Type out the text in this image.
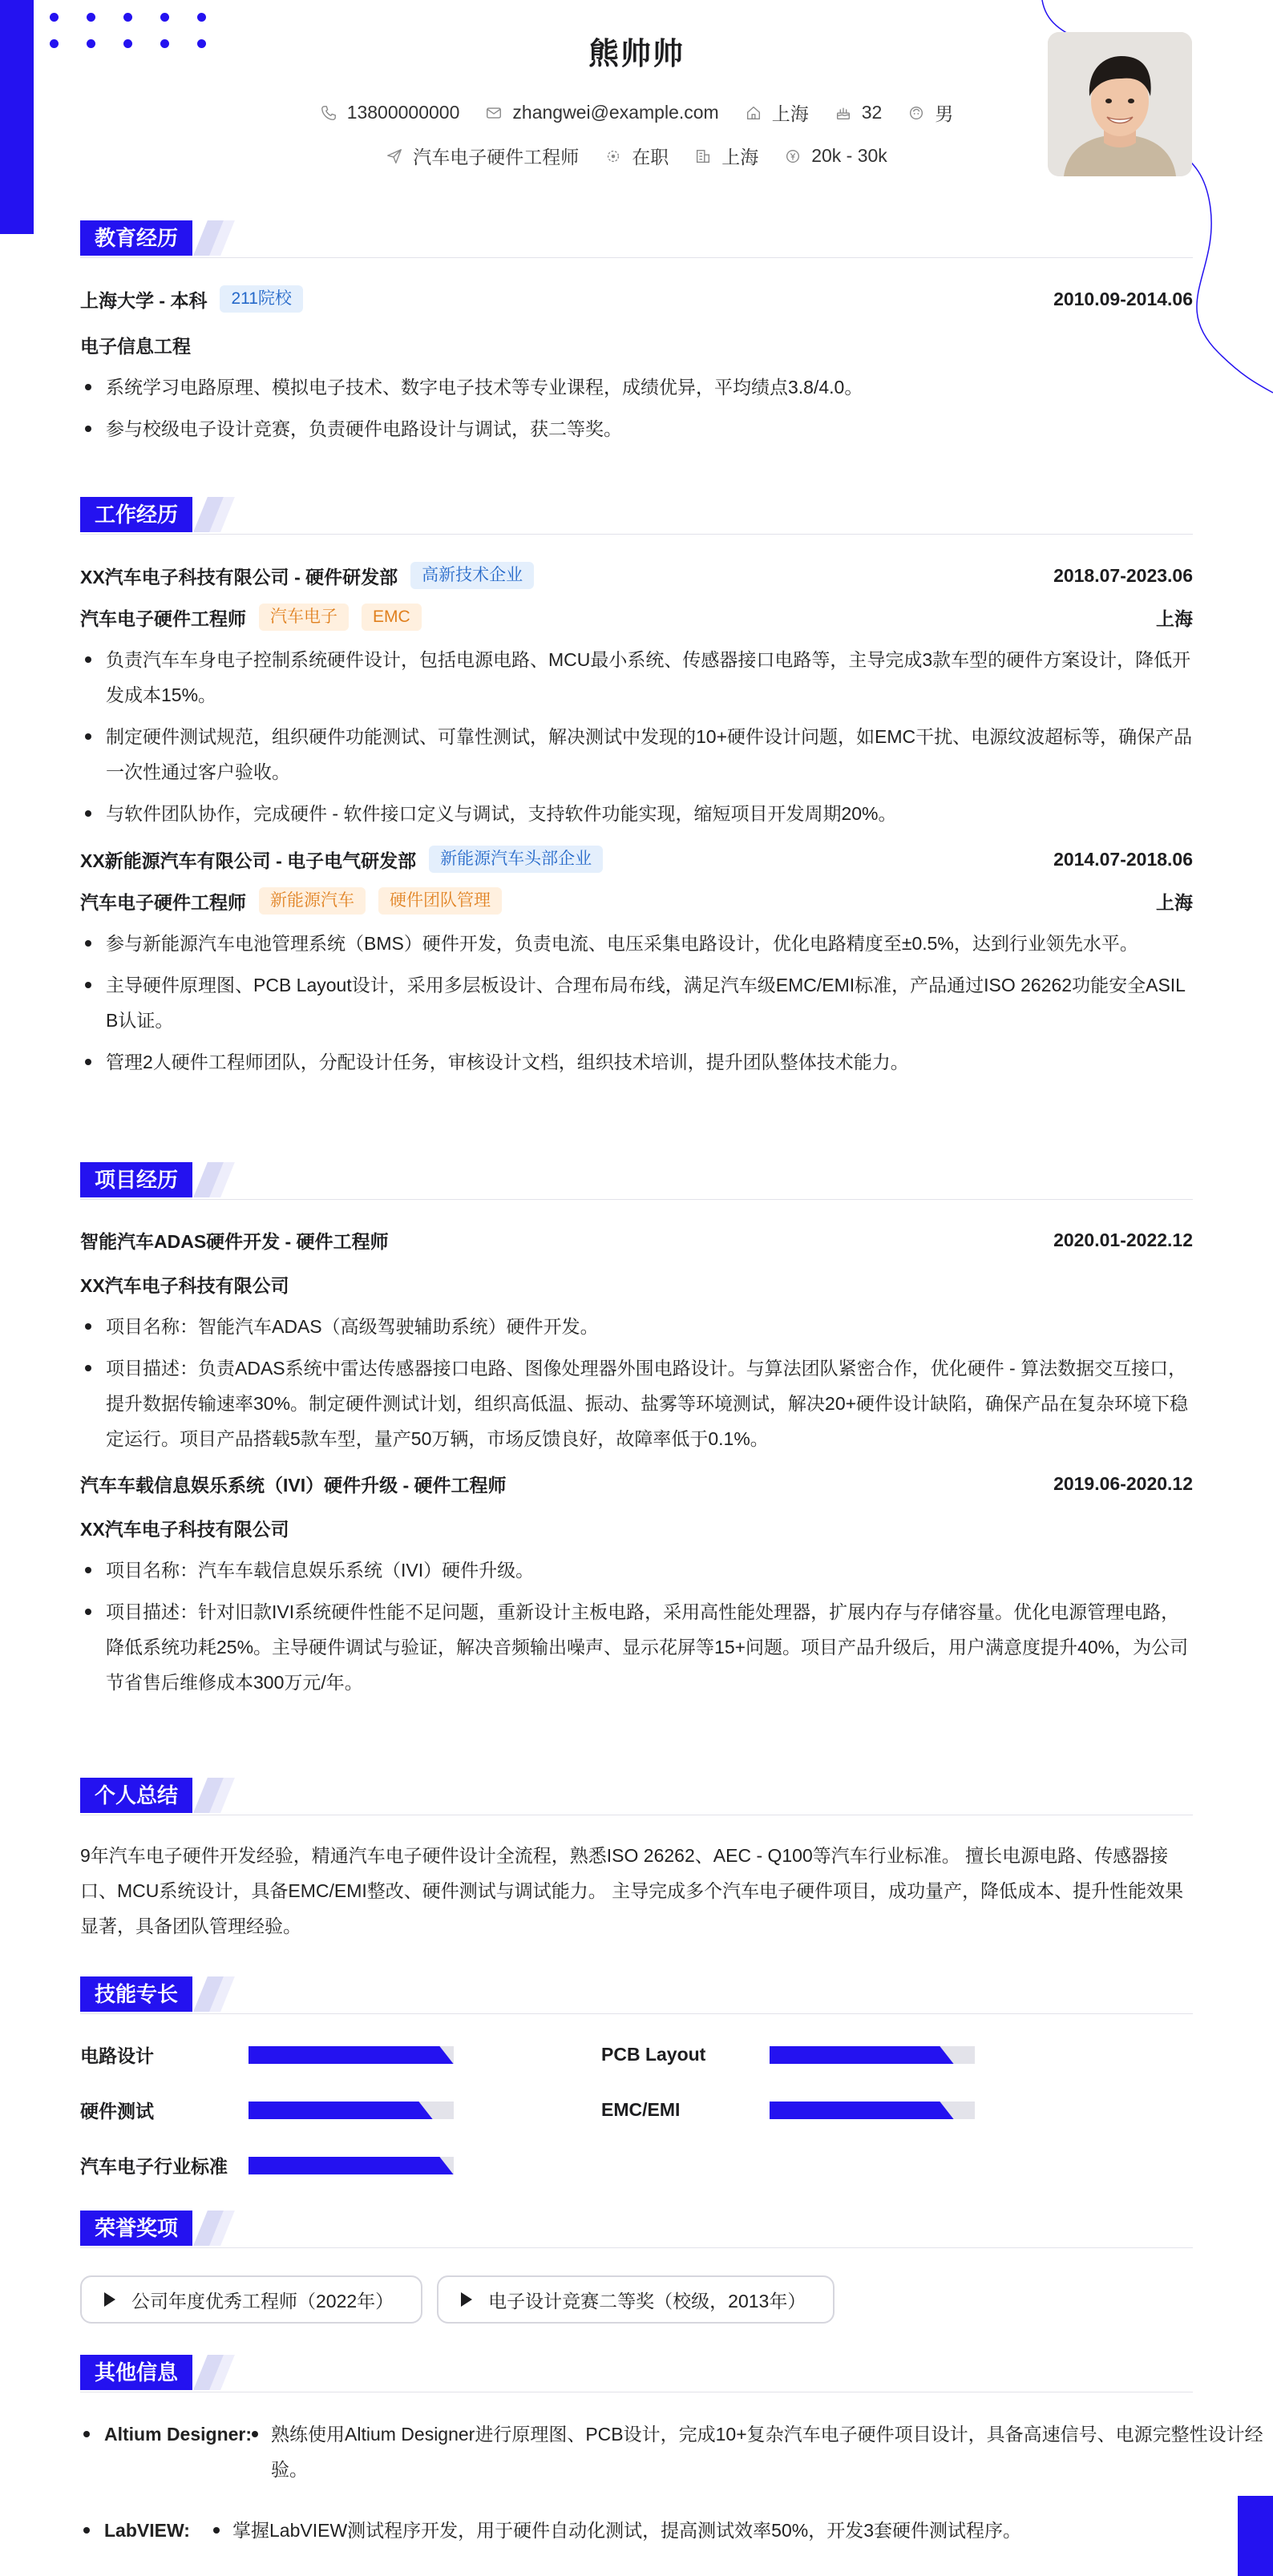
熊帅帅
13800000000	zhangwei@example.com	上海	32	男
汽车电子硬件工程师	在职	上海	20k - 30k
教育经历
上海大学 - 本科	211院校	2010.09-2014.06
电子信息工程
系统学习电路原理、模拟电子技术、数字电子技术等专业课程，成绩优异，平均绩点3.8/4.0。
参与校级电子设计竞赛，负责硬件电路设计与调试，获二等奖。
工作经历
XX汽车电子科技有限公司 - 硬件研发部	高新技术企业	2018.07-2023.06
汽车电子硬件工程师	汽车电子	EMC	上海
负责汽车车身电子控制系统硬件设计，包括电源电路、MCU最小系统、传感器接口电路等，主导完成3款车型的硬件方案设计，降低开发成本15%。
制定硬件测试规范，组织硬件功能测试、可靠性测试，解决测试中发现的10+硬件设计问题，如EMC干扰、电源纹波超标等，确保产品一次性通过客户验收。
与软件团队协作，完成硬件 - 软件接口定义与调试，支持软件功能实现，缩短项目开发周期20%。
XX新能源汽车有限公司 - 电子电气研发部	新能源汽车头部企业	2014.07-2018.06
汽车电子硬件工程师	新能源汽车	硬件团队管理	上海
参与新能源汽车电池管理系统（BMS）硬件开发，负责电流、电压采集电路设计，优化电路精度至±0.5%，达到行业领先水平。
主导硬件原理图、PCB Layout设计，采用多层板设计、合理布局布线，满足汽车级EMC/EMI标准，产品通过ISO 26262功能安全ASIL B认证。
管理2人硬件工程师团队，分配设计任务，审核设计文档，组织技术培训，提升团队整体技术能力。
项目经历
智能汽车ADAS硬件开发 - 硬件工程师	2020.01-2022.12
XX汽车电子科技有限公司
项目名称：智能汽车ADAS（高级驾驶辅助系统）硬件开发。
项目描述：负责ADAS系统中雷达传感器接口电路、图像处理器外围电路设计。与算法团队紧密合作，优化硬件 - 算法数据交互接口，提升数据传输速率30%。制定硬件测试计划，组织高低温、振动、盐雾等环境测试，解决20+硬件设计缺陷，确保产品在复杂环境下稳定运行。项目产品搭载5款车型，量产50万辆，市场反馈良好，故障率低于0.1%。
汽车车载信息娱乐系统（IVI）硬件升级 - 硬件工程师	2019.06-2020.12
XX汽车电子科技有限公司
项目名称：汽车车载信息娱乐系统（IVI）硬件升级。
项目描述：针对旧款IVI系统硬件性能不足问题，重新设计主板电路，采用高性能处理器，扩展内存与存储容量。优化电源管理电路，降低系统功耗25%。主导硬件调试与验证，解决音频输出噪声、显示花屏等15+问题。项目产品升级后，用户满意度提升40%，为公司节省售后维修成本300万元/年。
个人总结
9年汽车电子硬件开发经验，精通汽车电子硬件设计全流程，熟悉ISO 26262、AEC - Q100等汽车行业标准。 擅长电源电路、传感器接口、MCU系统设计，具备EMC/EMI整改、硬件测试与调试能力。 主导完成多个汽车电子硬件项目，成功量产，降低成本、提升性能效果显著，具备团队管理经验。
技能专长
电路设计	PCB Layout
硬件测试	EMC/EMI
汽车电子行业标准
荣誉奖项
公司年度优秀工程师（2022年）	电子设计竞赛二等奖（校级，2013年）
其他信息
Altium Designer: 熟练使用Altium Designer进行原理图、PCB设计，完成10+复杂汽车电子硬件项目设计，具备高速信号、电源完整性设计经验。
LabVIEW: 掌握LabVIEW测试程序开发，用于硬件自动化测试，提高测试效率50%，开发3套硬件测试程序。
